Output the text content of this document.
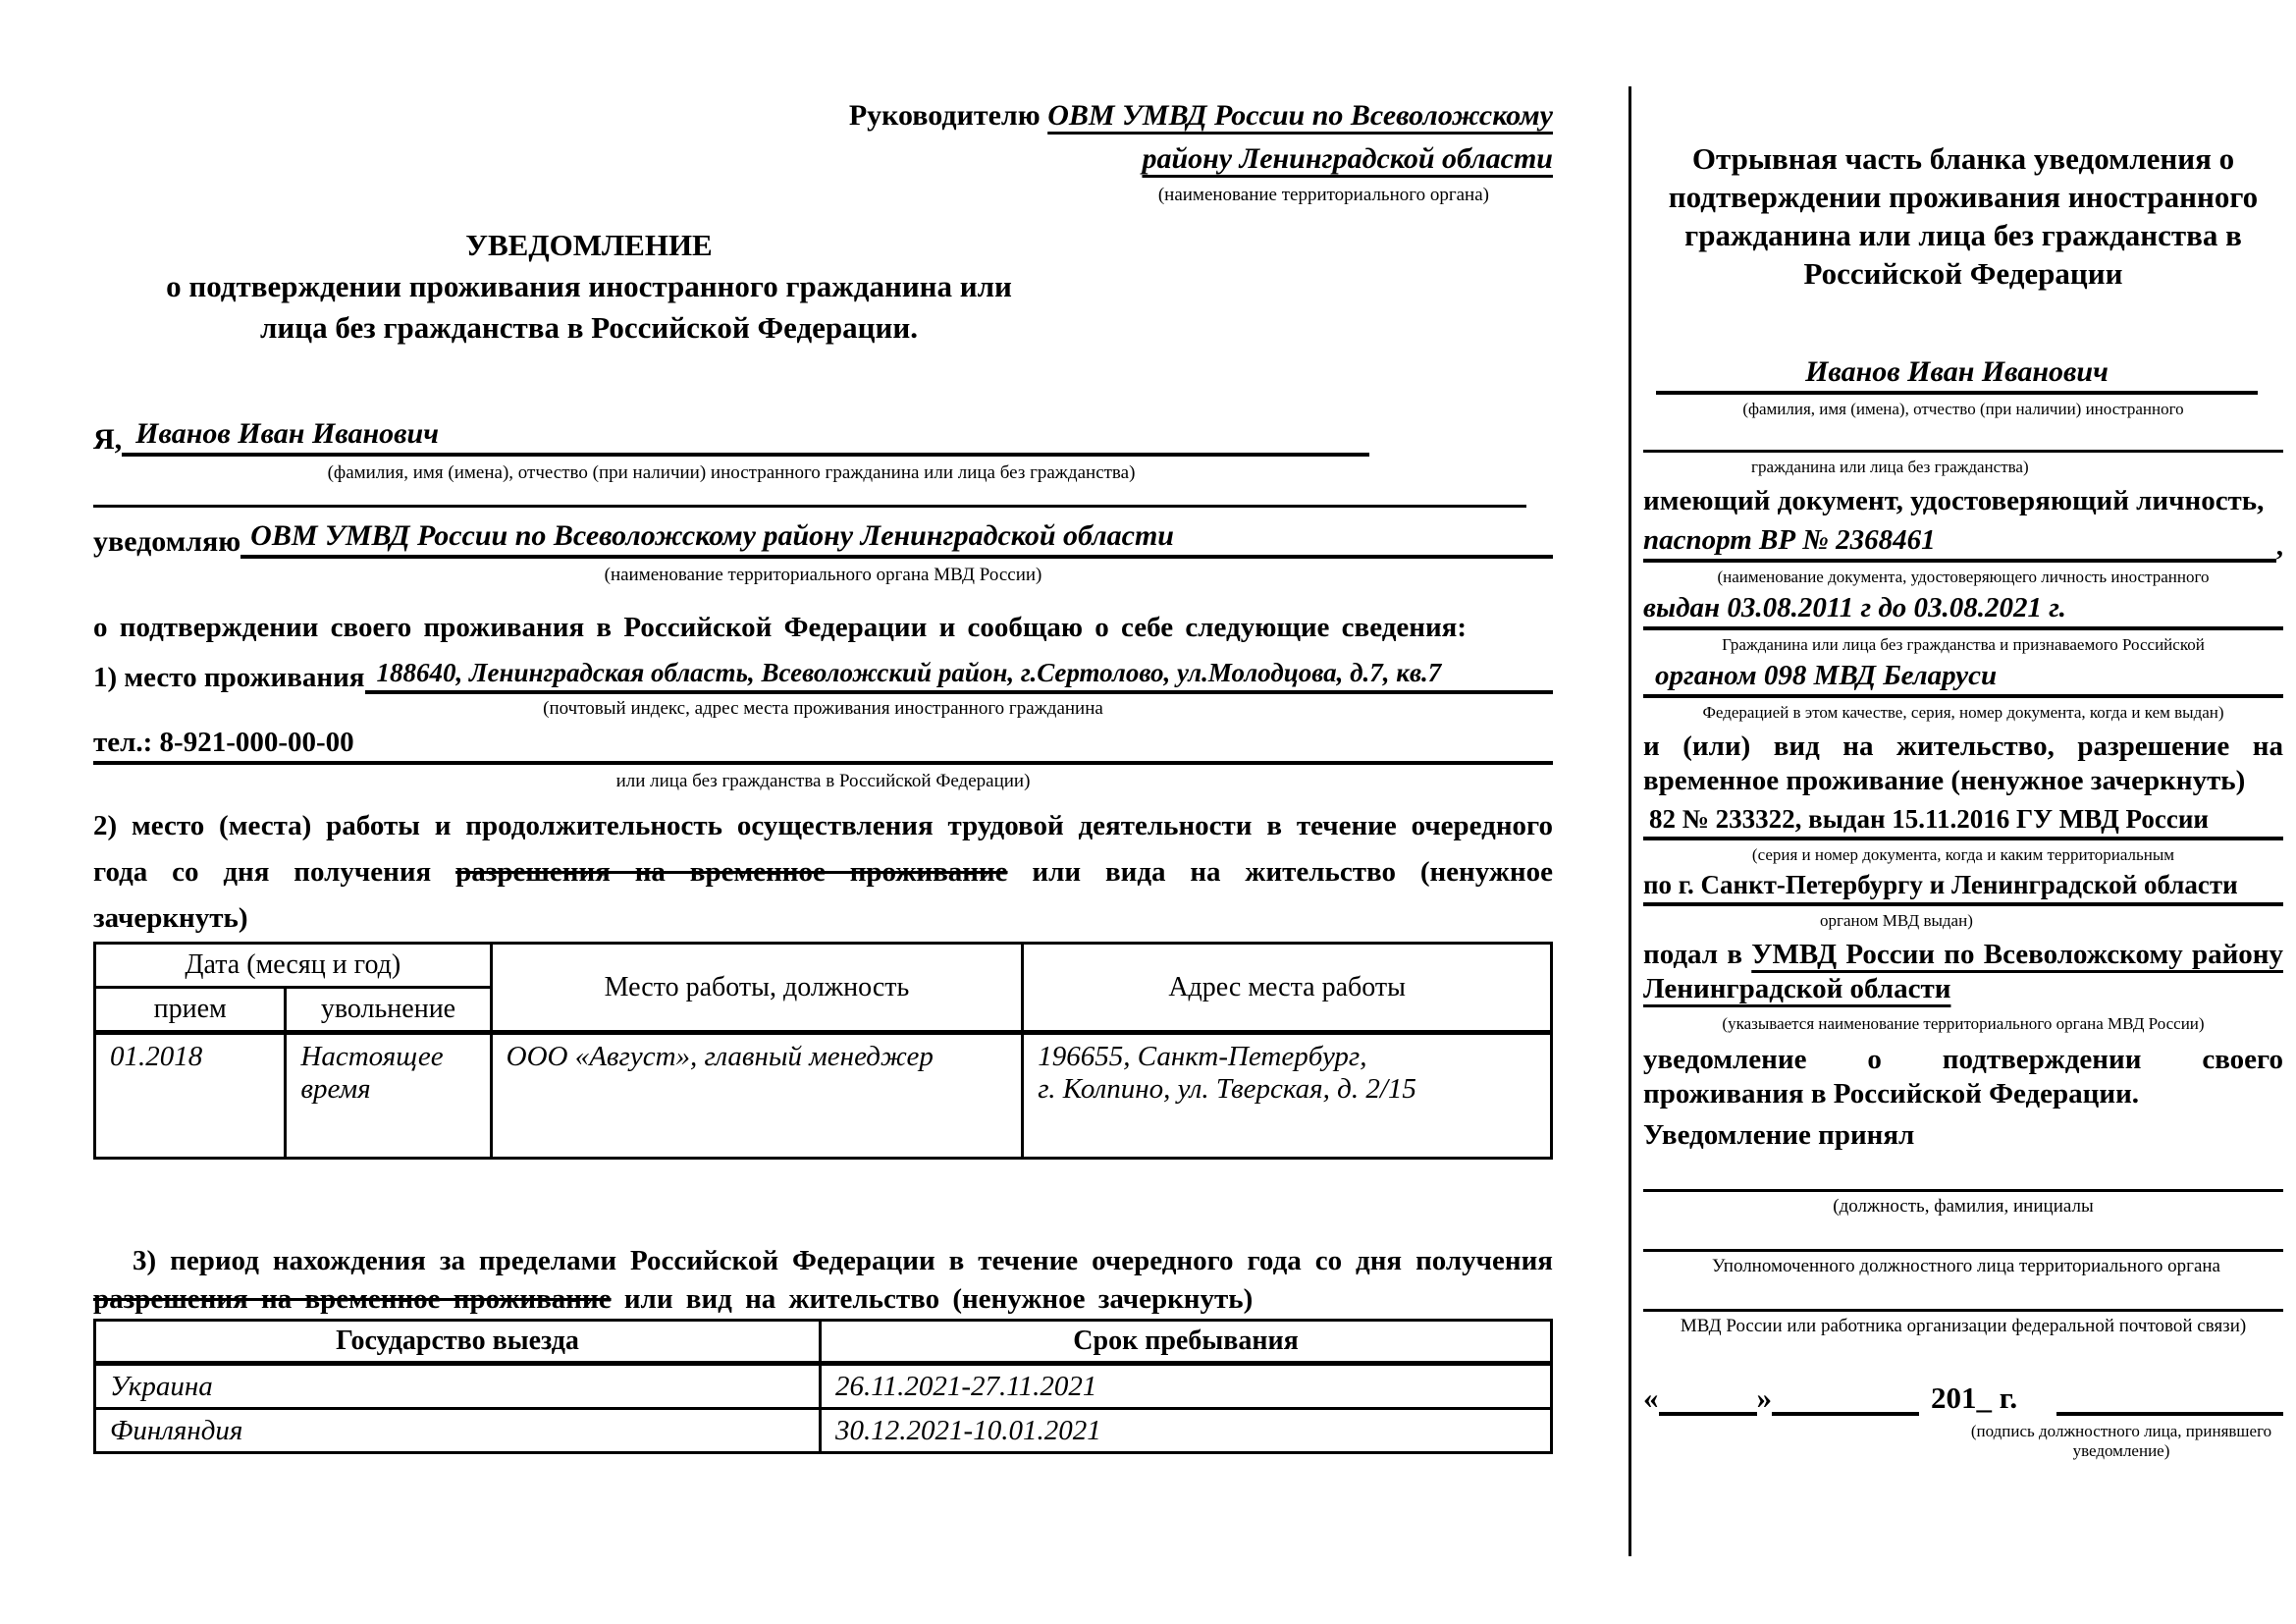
Руководителю ОВМ УМВД России по Всеволожскому району Ленинградской области
(наименование территориального органа)
УВЕДОМЛЕНИЕ
о подтверждении проживания иностранного гражданина или
лица без гражданства в Российской Федерации.
Я, Иванов Иван Иванович
(фамилия, имя (имена), отчество (при наличии) иностранного гражданина или лица без гражданства)
уведомляю ОВМ УМВД России по Всеволожскому району Ленинградской области
(наименование территориального органа МВД России)
о подтверждении своего проживания в Российской Федерации и сообщаю о себе следующие сведения:
1) место проживания 188640, Ленинградская область, Всеволожский район, г.Сертолово, ул.Молодцова, д.7, кв.7
(почтовый индекс, адрес места проживания иностранного гражданина
тел.: 8-921-000-00-00
или лица без гражданства в Российской Федерации)
2) место (места) работы и продолжительность осуществления трудовой деятельности в течение очередного года со дня получения разрешения на временное проживание или вида на жительство (ненужное зачеркнуть)
Дата (месяц и год)		Место работы, должность	Адрес места работы
прием	увольнение		
01.2018	Настоящее время	ООО «Август», главный менеджер	196655, Санкт-Петербург,
г. Колпино, ул. Тверская, д. 2/15
3) период нахождения за пределами Российской Федерации в течение очередного года со дня получения разрешения на временное проживание или вид на жительство (ненужное зачеркнуть)
Государство выезда	Срок пребывания
Украина	26.11.2021-27.11.2021
Финляндия	30.12.2021-10.01.2021
Отрывная часть бланка уведомления о подтверждении проживания иностранного гражданина или лица без гражданства в Российской Федерации
Иванов Иван Иванович
(фамилия, имя (имена), отчество (при наличии) иностранного
гражданина или лица без гражданства)
имеющий документ, удостоверяющий личность,
паспорт ВР № 2368461	,
(наименование документа, удостоверяющего личность иностранного
выдан 03.08.2011 г до 03.08.2021 г.
Гражданина или лица без гражданства и признаваемого Российской
органом 098 МВД Беларуси
Федерацией в этом качестве, серия, номер документа, когда и кем выдан)
и (или) вид на жительство, разрешение на временное проживание (ненужное зачеркнуть)
82 № 233322, выдан 15.11.2016 ГУ МВД России
(серия и номер документа, когда и каким территориальным
по г. Санкт-Петербургу и Ленинградской области
органом МВД выдан)
подал в УМВД России по Всеволожскому району Ленинградской области
(указывается наименование территориального органа МВД России)
уведомление о подтверждении своего проживания в Российской Федерации.
Уведомление принял
(должность, фамилия, инициалы
Уполномоченного должностного лица территориального органа
МВД России или работника организации федеральной почтовой связи)
«	»	201_ г.
(подпись должностного лица, принявшего уведомление)
